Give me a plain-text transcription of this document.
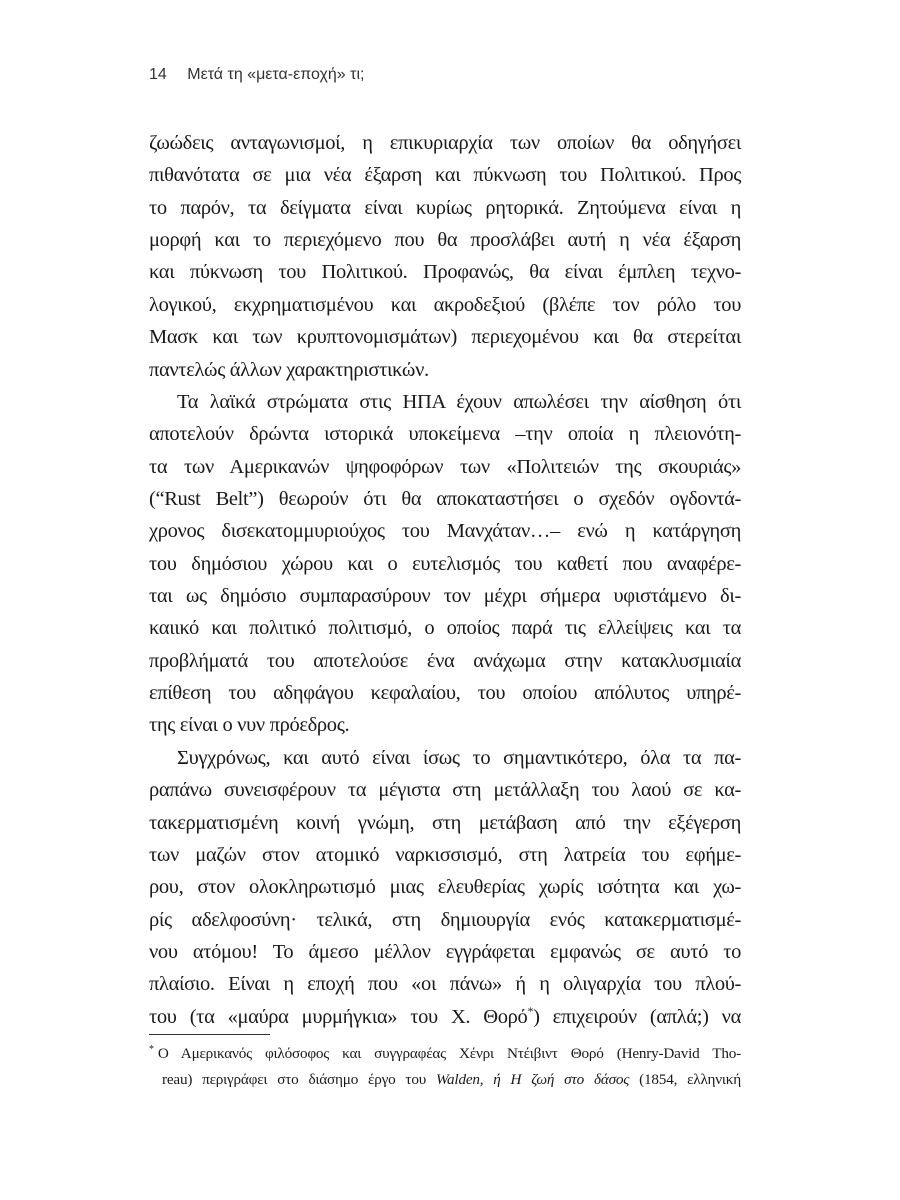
14 Μετά τη «μετα-εποχή» τι;
ζωώδεις ανταγωνισμοί, η επικυριαρχία των οποίων θα οδηγήσει
πιθανότατα σε μια νέα έξαρση και πύκνωση του Πολιτικού. Προς
το παρόν, τα δείγματα είναι κυρίως ρητορικά. Ζητούμενα είναι η
μορφή και το περιεχόμενο που θα προσλάβει αυτή η νέα έξαρση
και πύκνωση του Πολιτικού. Προφανώς, θα είναι έμπλεη τεχνο-
λογικού, εκχρηματισμένου και ακροδεξιού (βλέπε τον ρόλο του
Μασκ και των κρυπτονομισμάτων) περιεχομένου και θα στερείται
παντελώς άλλων χαρακτηριστικών.
Τα λαϊκά στρώματα στις ΗΠΑ έχουν απωλέσει την αίσθηση ότι
αποτελούν δρώντα ιστορικά υποκείμενα –την οποία η πλειονότη-
τα των Αμερικανών ψηφοφόρων των «Πολιτειών της σκουριάς»
(“Rust Belt”) θεωρούν ότι θα αποκαταστήσει ο σχεδόν ογδοντά-
χρονος δισεκατομμυριούχος του Μανχάταν…– ενώ η κατάργηση
του δημόσιου χώρου και ο ευτελισμός του καθετί που αναφέρε-
ται ως δημόσιο συμπαρασύρουν τον μέχρι σήμερα υφιστάμενο δι-
καιικό και πολιτικό πολιτισμό, ο οποίος παρά τις ελλείψεις και τα
προβλήματά του αποτελούσε ένα ανάχωμα στην κατακλυσμιαία
επίθεση του αδηφάγου κεφαλαίου, του οποίου απόλυτος υπηρέ-
της είναι ο νυν πρόεδρος.
Συγχρόνως, και αυτό είναι ίσως το σημαντικότερο, όλα τα πα-
ραπάνω συνεισφέρουν τα μέγιστα στη μετάλλαξη του λαού σε κα-
τακερματισμένη κοινή γνώμη, στη μετάβαση από την εξέγερση
των μαζών στον ατομικό ναρκισσισμό, στη λατρεία του εφήμε-
ρου, στον ολοκληρωτισμό μιας ελευθερίας χωρίς ισότητα και χω-
ρίς αδελφοσύνη· τελικά, στη δημιουργία ενός κατακερματισμέ-
νου ατόμου! Το άμεσο μέλλον εγγράφεται εμφανώς σε αυτό το
πλαίσιο. Είναι η εποχή που «οι πάνω» ή η ολιγαρχία του πλού-
του (τα «μαύρα μυρμήγκια» του Χ. Θορό*) επιχειρούν (απλά;) να
* Ο Αμερικανός φιλόσοφος και συγγραφέας Χένρι Ντέιβιντ Θορό (Henry-David Tho-
reau) περιγράφει στο διάσημο έργο του Walden, ή Η ζωή στο δάσος (1854, ελληνική
